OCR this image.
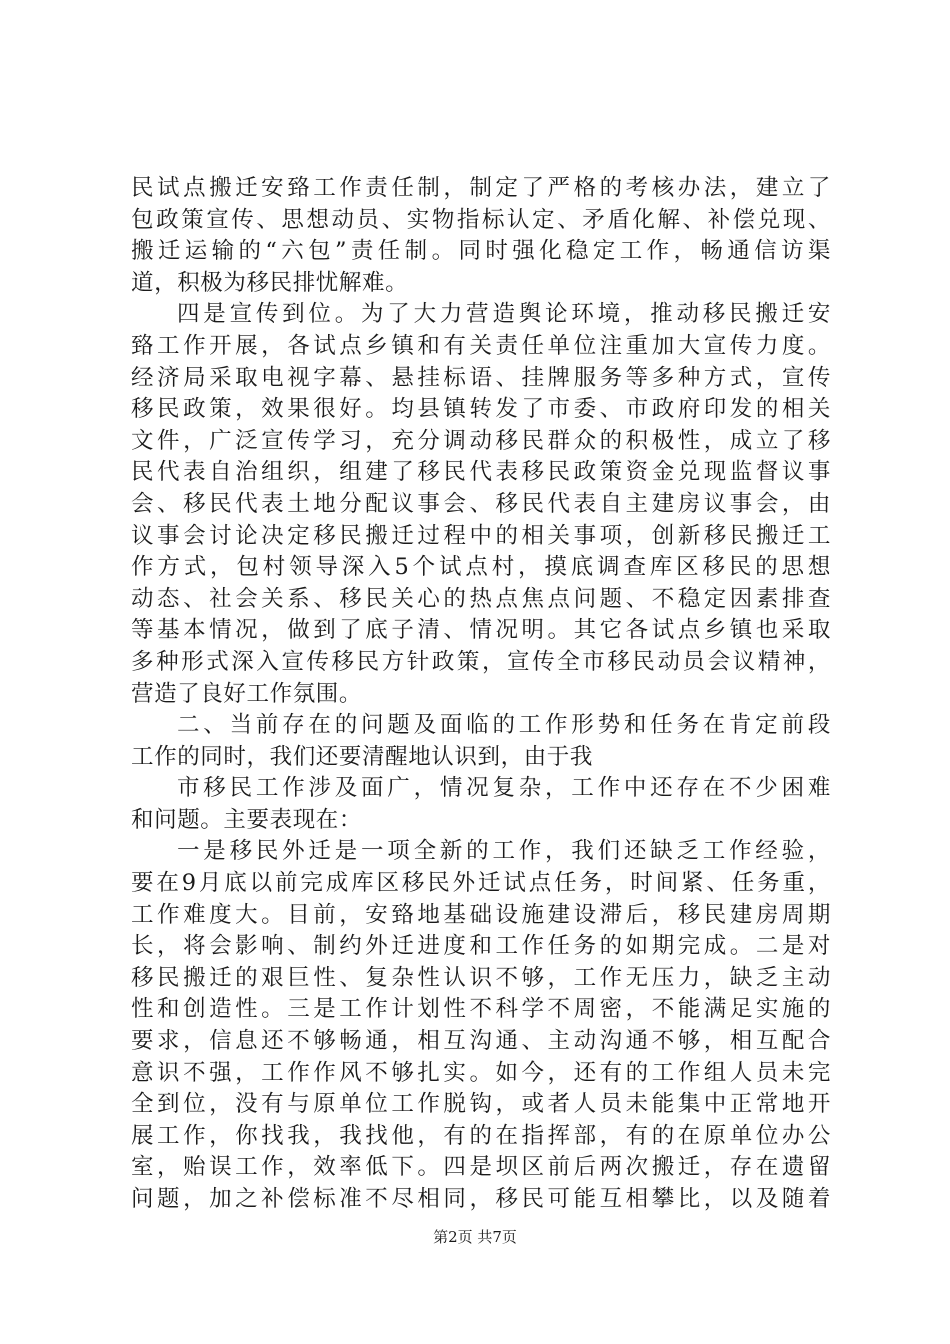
民试点搬迁安臵工作责任制，制定了严格的考核办法，建立了
包政策宣传、思想动员、实物指标认定、矛盾化解、补偿兑现、
搬迁运输的“六包”责任制。同时强化稳定工作，畅通信访渠
道，积极为移民排忧解难。
四是宣传到位。为了大力营造舆论环境，推动移民搬迁安
臵工作开展，各试点乡镇和有关责任单位注重加大宣传力度。
经济局采取电视字幕、悬挂标语、挂牌服务等多种方式，宣传
移民政策，效果很好。均县镇转发了市委、市政府印发的相关
文件，广泛宣传学习，充分调动移民群众的积极性，成立了移
民代表自治组织，组建了移民代表移民政策资金兑现监督议事
会、移民代表土地分配议事会、移民代表自主建房议事会，由
议事会讨论决定移民搬迁过程中的相关事项，创新移民搬迁工
作方式，包村领导深入5个试点村，摸底调查库区移民的思想
动态、社会关系、移民关心的热点焦点问题、不稳定因素排查
等基本情况，做到了底子清、情况明。其它各试点乡镇也采取
多种形式深入宣传移民方针政策，宣传全市移民动员会议精神，
营造了良好工作氛围。
二、当前存在的问题及面临的工作形势和任务在肯定前段
工作的同时，我们还要清醒地认识到，由于我
市移民工作涉及面广，情况复杂，工作中还存在不少困难
和问题。主要表现在：
一是移民外迁是一项全新的工作，我们还缺乏工作经验，
要在9月底以前完成库区移民外迁试点任务，时间紧、任务重，
工作难度大。目前，安臵地基础设施建设滞后，移民建房周期
长，将会影响、制约外迁进度和工作任务的如期完成。二是对
移民搬迁的艰巨性、复杂性认识不够，工作无压力，缺乏主动
性和创造性。三是工作计划性不科学不周密，不能满足实施的
要求，信息还不够畅通，相互沟通、主动沟通不够，相互配合
意识不强，工作作风不够扎实。如今，还有的工作组人员未完
全到位，没有与原单位工作脱钩，或者人员未能集中正常地开
展工作，你找我，我找他，有的在指挥部，有的在原单位办公
室，贻误工作，效率低下。四是坝区前后两次搬迁，存在遗留
问题，加之补偿标准不尽相同，移民可能互相攀比，以及随着
第2页 共7页
